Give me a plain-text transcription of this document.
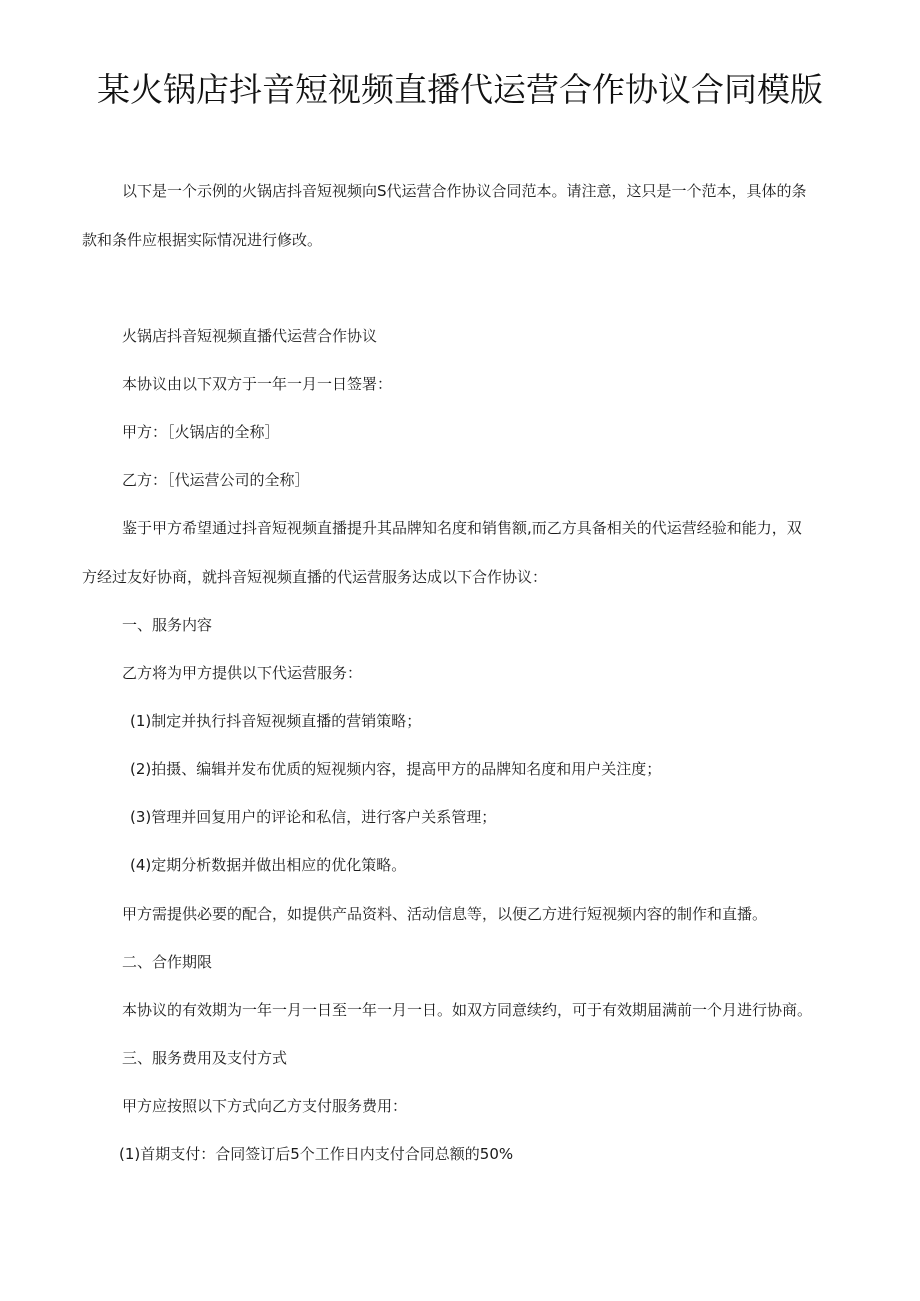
某火锅店抖音短视频直播代运营合作协议合同模版

以下是一个示例的火锅店抖音短视频向S代运营合作协议合同范本。请注意，这只是一个范本，具体的条

款和条件应根据实际情况进行修改。

火锅店抖音短视频直播代运营合作协议

本协议由以下双方于一年一月一日签署：

甲方：［火锅店的全称］

乙方：［代运营公司的全称］

鉴于甲方希望通过抖音短视频直播提升其品牌知名度和销售额,而乙方具备相关的代运营经验和能力，双

方经过友好协商，就抖音短视频直播的代运营服务达成以下合作协议：

一、服务内容

乙方将为甲方提供以下代运营服务：

(1)制定并执行抖音短视频直播的营销策略；

(2)拍摄、编辑并发布优质的短视频内容，提高甲方的品牌知名度和用户关注度；

(3)管理并回复用户的评论和私信，进行客户关系管理；

(4)定期分析数据并做出相应的优化策略。

甲方需提供必要的配合，如提供产品资料、活动信息等，以便乙方进行短视频内容的制作和直播。

二、合作期限

本协议的有效期为一年一月一日至一年一月一日。如双方同意续约，可于有效期届满前一个月进行协商。

三、服务费用及支付方式

甲方应按照以下方式向乙方支付服务费用：

(1)首期支付：合同签订后5个工作日内支付合同总额的50%
